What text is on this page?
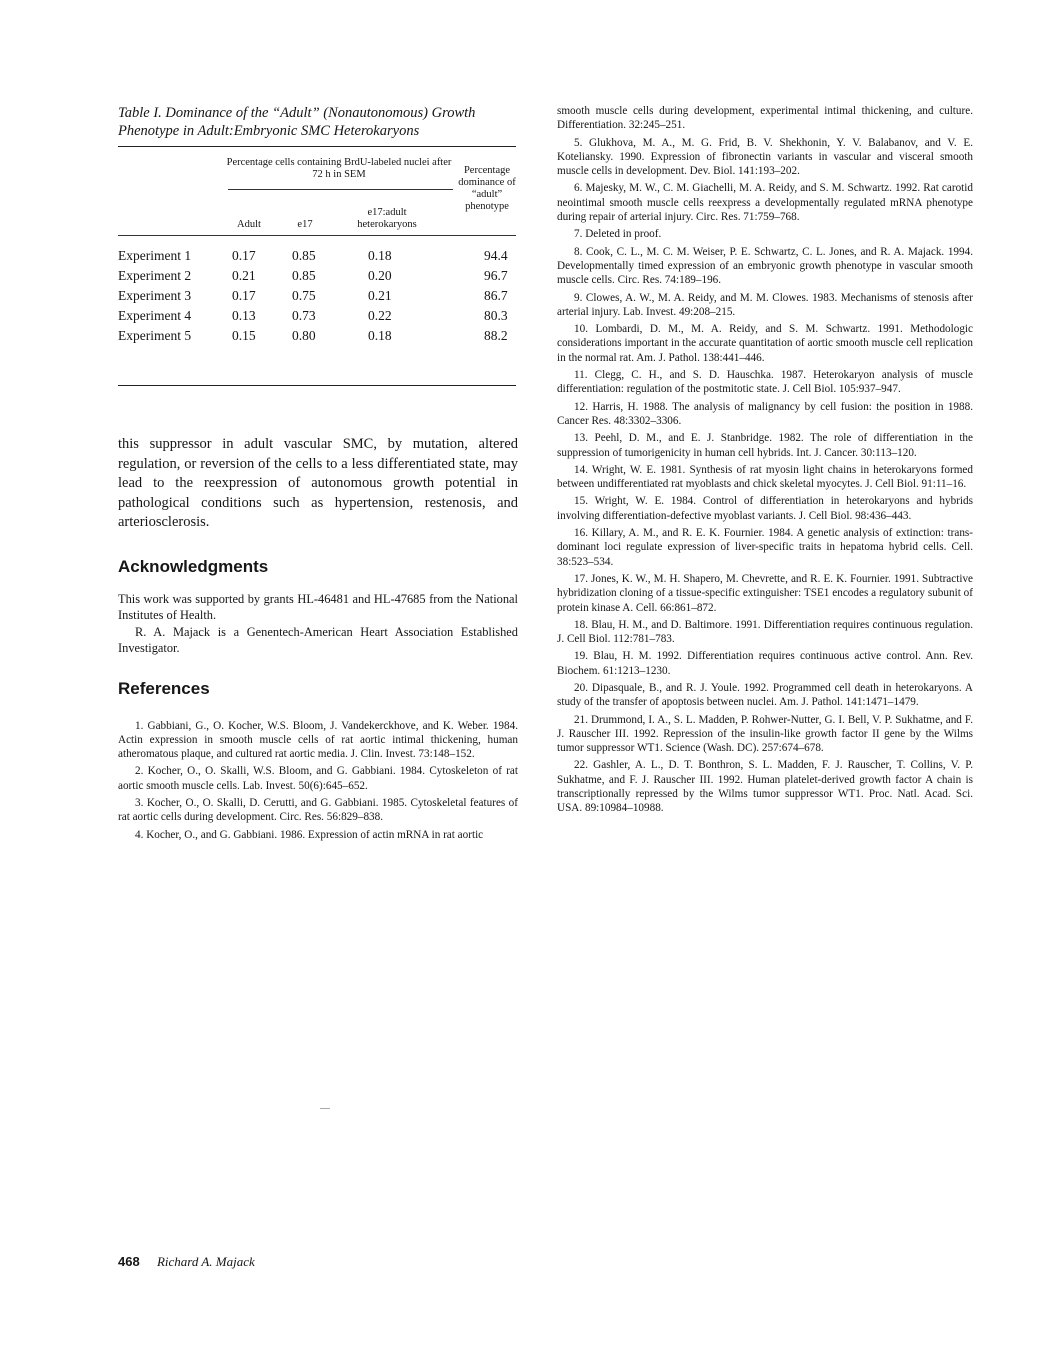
Table I. Dominance of the “Adult” (Nonautonomous) Growth Phenotype in Adult:Embryonic SMC Heterokaryons

Percentage cells containing BrdU-labeled nuclei after 72 h in SEM
Adult	e17
e17:adult heterokaryons
Percentage dominance of “adult” phenotype
Experiment 1	0.17	0.85	0.18	94.4
Experiment 2	0.21	0.85	0.20	96.7
Experiment 3	0.17	0.75	0.21	86.7
Experiment 4	0.13	0.73	0.22	80.3
Experiment 5	0.15	0.80	0.18	88.2

this suppressor in adult vascular SMC, by mutation, altered regulation, or reversion of the cells to a less differentiated state, may lead to the reexpression of autonomous growth potential in pathological conditions such as hypertension, restenosis, and arteriosclerosis.

Acknowledgments

This work was supported by grants HL-46481 and HL-47685 from the National Institutes of Health.

R. A. Majack is a Genentech-American Heart Association Established Investigator.

References

1. Gabbiani, G., O. Kocher, W.S. Bloom, J. Vandekerckhove, and K. Weber. 1984. Actin expression in smooth muscle cells of rat aortic intimal thickening, human atheromatous plaque, and cultured rat aortic media. J. Clin. Invest. 73:148–152.

2. Kocher, O., O. Skalli, W.S. Bloom, and G. Gabbiani. 1984. Cytoskeleton of rat aortic smooth muscle cells. Lab. Invest. 50(6):645–652.

3. Kocher, O., O. Skalli, D. Cerutti, and G. Gabbiani. 1985. Cytoskeletal features of rat aortic cells during development. Circ. Res. 56:829–838.

4. Kocher, O., and G. Gabbiani. 1986. Expression of actin mRNA in rat aortic

smooth muscle cells during development, experimental intimal thickening, and culture. Differentiation. 32:245–251.

5. Glukhova, M. A., M. G. Frid, B. V. Shekhonin, Y. V. Balabanov, and V. E. Koteliansky. 1990. Expression of fibronectin variants in vascular and visceral smooth muscle cells in development. Dev. Biol. 141:193–202.

6. Majesky, M. W., C. M. Giachelli, M. A. Reidy, and S. M. Schwartz. 1992. Rat carotid neointimal smooth muscle cells reexpress a developmentally regulated mRNA phenotype during repair of arterial injury. Circ. Res. 71:759–768.

7. Deleted in proof.

8. Cook, C. L., M. C. M. Weiser, P. E. Schwartz, C. L. Jones, and R. A. Majack. 1994. Developmentally timed expression of an embryonic growth phenotype in vascular smooth muscle cells. Circ. Res. 74:189–196.

9. Clowes, A. W., M. A. Reidy, and M. M. Clowes. 1983. Mechanisms of stenosis after arterial injury. Lab. Invest. 49:208–215.

10. Lombardi, D. M., M. A. Reidy, and S. M. Schwartz. 1991. Methodologic considerations important in the accurate quantitation of aortic smooth muscle cell replication in the normal rat. Am. J. Pathol. 138:441–446.

11. Clegg, C. H., and S. D. Hauschka. 1987. Heterokaryon analysis of muscle differentiation: regulation of the postmitotic state. J. Cell Biol. 105:937–947.

12. Harris, H. 1988. The analysis of malignancy by cell fusion: the position in 1988. Cancer Res. 48:3302–3306.

13. Peehl, D. M., and E. J. Stanbridge. 1982. The role of differentiation in the suppression of tumorigenicity in human cell hybrids. Int. J. Cancer. 30:113–120.

14. Wright, W. E. 1981. Synthesis of rat myosin light chains in heterokaryons formed between undifferentiated rat myoblasts and chick skeletal myocytes. J. Cell Biol. 91:11–16.

15. Wright, W. E. 1984. Control of differentiation in heterokaryons and hybrids involving differentiation-defective myoblast variants. J. Cell Biol. 98:436–443.

16. Killary, A. M., and R. E. K. Fournier. 1984. A genetic analysis of extinction: trans-dominant loci regulate expression of liver-specific traits in hepatoma hybrid cells. Cell. 38:523–534.

17. Jones, K. W., M. H. Shapero, M. Chevrette, and R. E. K. Fournier. 1991. Subtractive hybridization cloning of a tissue-specific extinguisher: TSE1 encodes a regulatory subunit of protein kinase A. Cell. 66:861–872.

18. Blau, H. M., and D. Baltimore. 1991. Differentiation requires continuous regulation. J. Cell Biol. 112:781–783.

19. Blau, H. M. 1992. Differentiation requires continuous active control. Ann. Rev. Biochem. 61:1213–1230.

20. Dipasquale, B., and R. J. Youle. 1992. Programmed cell death in heterokaryons. A study of the transfer of apoptosis between nuclei. Am. J. Pathol. 141:1471–1479.

21. Drummond, I. A., S. L. Madden, P. Rohwer-Nutter, G. I. Bell, V. P. Sukhatme, and F. J. Rauscher III. 1992. Repression of the insulin-like growth factor II gene by the Wilms tumor suppressor WT1. Science (Wash. DC). 257:674–678.

22. Gashler, A. L., D. T. Bonthron, S. L. Madden, F. J. Rauscher, T. Collins, V. P. Sukhatme, and F. J. Rauscher III. 1992. Human platelet-derived growth factor A chain is transcriptionally repressed by the Wilms tumor suppressor WT1. Proc. Natl. Acad. Sci. USA. 89:10984–10988.

468 Richard A. Majack
